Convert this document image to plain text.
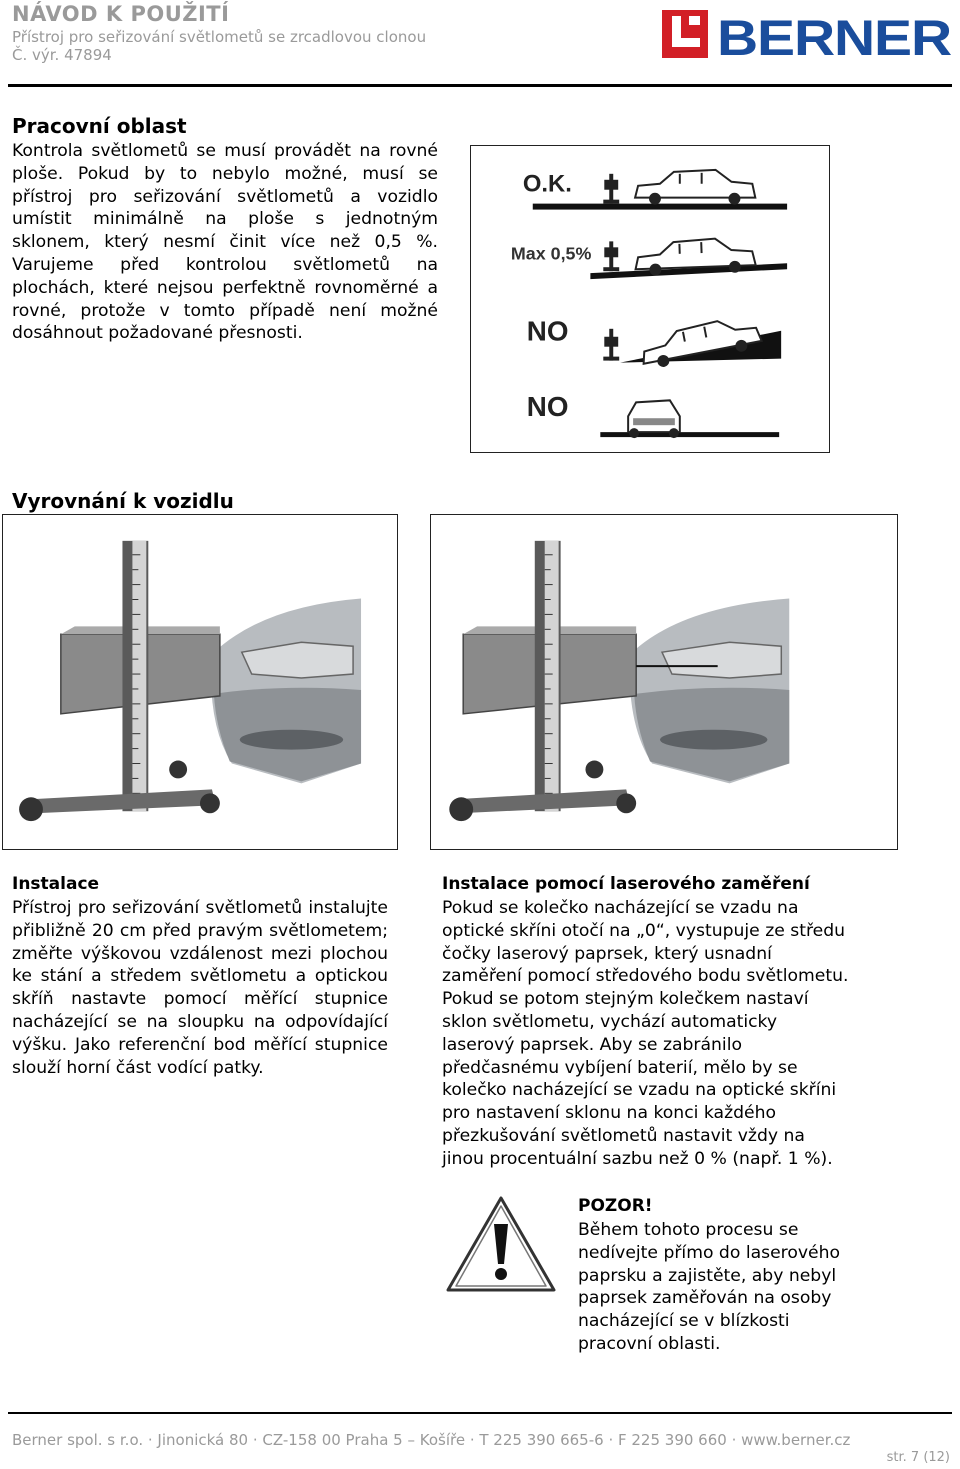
NÁVOD K POUŽITÍ
Přístroj pro seřizování světlometů se zrcadlovou clonou
Č. výr. 47894	BERNER
Pracovní oblast
Kontrola světlometů se musí provádět na rovné ploše. Pokud by to nebylo možné, musí se přístroj pro seřizování světlometů a vozidlo umístit minimálně na ploše s jednotným sklonem, který nesmí činit více než 0,5 %. Varujeme před kontrolou světlometů na plochách, které nejsou perfektně rovnoměrné a rovné, protože v tomto případě není možné dosáhnout požadované přesnosti.
O.K.
Max 0,5%
NO
NO
Vyrovnání k vozidlu
Instalace
Přístroj pro seřizování světlometů instalujte přibližně 20 cm před pravým světlometem; změřte výškovou vzdálenost mezi plochou ke stání a středem světlometu a optickou skříň nastavte pomocí měřící stupnice nacházející se na sloupku na odpovídající výšku. Jako referenční bod měřící stupnice slouží horní část vodící patky.
Instalace pomocí laserového zaměření
Pokud se kolečko nacházející se vzadu na
optické skříni otočí na „0“, vystupuje ze středu
čočky laserový paprsek, který usnadní
zaměření pomocí středového bodu světlometu.
Pokud se potom stejným kolečkem nastaví
sklon světlometu, vychází automaticky
laserový paprsek. Aby se zabránilo
předčasnému vybíjení baterií, mělo by se
kolečko nacházející se vzadu na optické skříni
pro nastavení sklonu na konci každého
přezkušování světlometů nastavit vždy na
jinou procentuální sazbu než 0 % (např. 1 %).
POZOR!
Během tohoto procesu se
nedívejte přímo do laserového
paprsku a zajistěte, aby nebyl
paprsek zaměřován na osoby
nacházející se v blízkosti
pracovní oblasti.
Berner spol. s r.o. · Jinonická 80 · CZ-158 00 Praha 5 – Košíře · T 225 390 665-6 · F 225 390 660 · www.berner.cz
str. 7 (12)
